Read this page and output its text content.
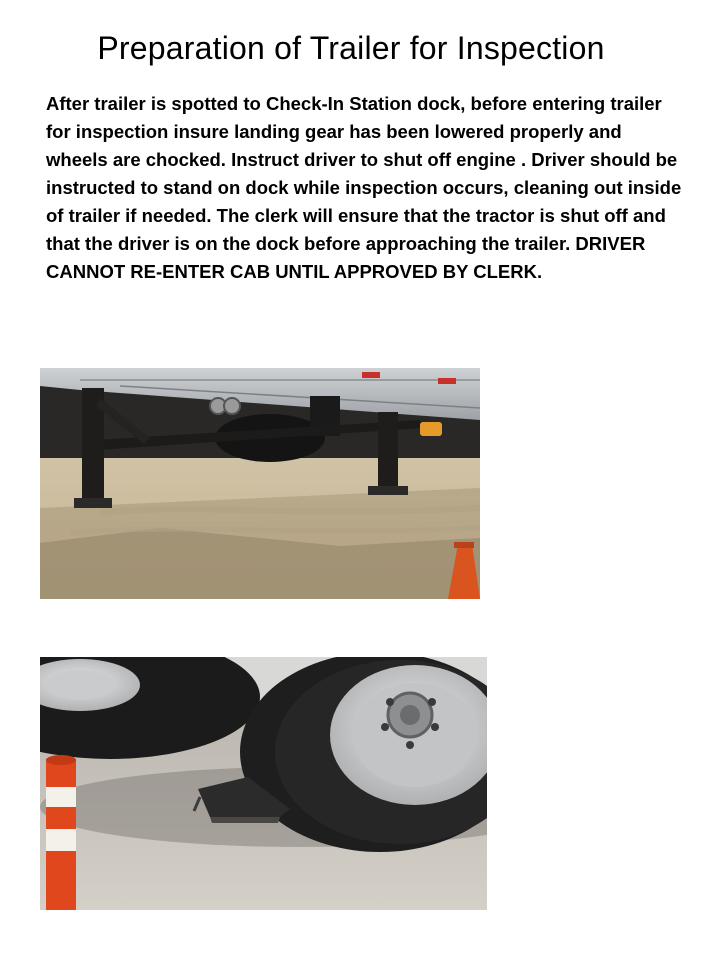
Preparation of Trailer for Inspection

After trailer is spotted to Check-In Station dock, before entering trailer for inspection insure landing gear has been lowered properly and wheels are chocked. Instruct driver to shut off engine . Driver should be instructed to stand on dock while inspection occurs, cleaning out inside of trailer if needed. The clerk will ensure that the tractor is shut off and that the driver is on the dock before approaching the trailer. DRIVER CANNOT RE-ENTER CAB UNTIL APPROVED BY CLERK.
